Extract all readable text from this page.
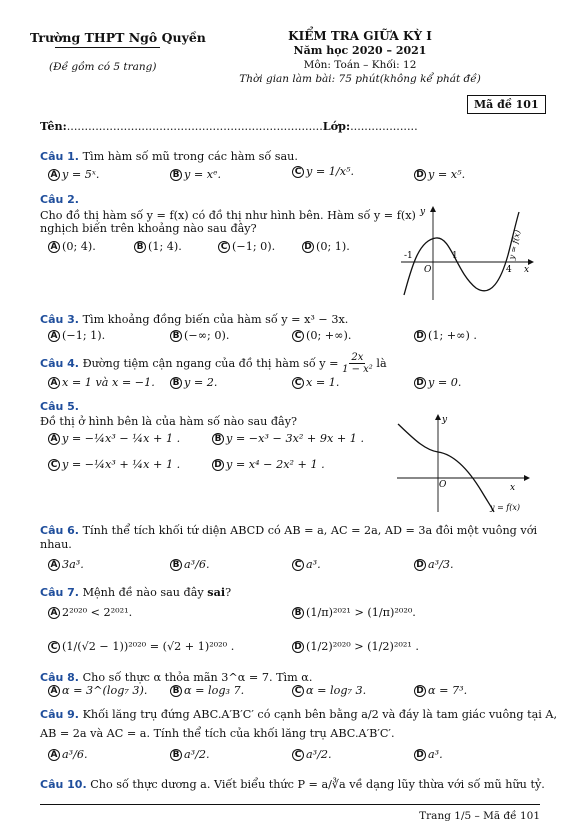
Trường THPT Ngô Quyền
(Đề gồm có 5 trang)
KIỂM TRA GIỮA KỲ I
Năm học 2020 – 2021
Môn: Toán – Khối: 12
Thời gian làm bài: 75 phút(không kể phát đề)
Mã đề 101
Tên:........................................................................Lớp:...................
Câu 1. Tìm hàm số mũ trong các hàm số sau.
A y = 5ˣ.	B y = xᵉ.	C y = 1/x⁵.	D y = x⁵.
Câu 2.
Cho đồ thị hàm số y = f(x) có đồ thị như hình bên. Hàm số y = f(x)
nghịch biến trên khoảng nào sau đây?
A (0; 4).	B (1; 4).	C (−1; 0).	D (0; 1).
y
x
O
-1	1
4
y = f(x)
Câu 3. Tìm khoảng đồng biến của hàm số y = x³ − 3x.
A (−1; 1).	B (−∞; 0).	C (0; +∞).	D (1; +∞) .
Câu 4.
Đường tiệm cận ngang của đồ thị hàm số y =
$\frac{2x}{\text{1 − x²}}$
là
A x = 1 và x = −1. B y = 2.	C x = 1.	D y = 0.
Câu 5.
Đồ thị ở hình bên là của hàm số nào sau đây?
A y = −¼x³ − ¼x + 1 .	B y = −x³ − 3x² + 9x + 1 .
C y = −¼x³ + ¼x + 1 .	D y = x⁴ − 2x² + 1 .
y
x
O
y = f(x)
Câu 6. Tính thể tích khối tứ diện ABCD có AB = a, AC = 2a, AD = 3a đôi một vuông với
nhau.
A 3a³.	B a³/6.	C a³.	D a³/3.
Câu 7. Mệnh đề nào sau đây sai?
A 2²⁰²⁰ < 2²⁰²¹.	B (1/π)²⁰²¹ > (1/π)²⁰²⁰.
C (1/(√2 − 1))²⁰²⁰ = (√2 + 1)²⁰²⁰ .	D (1/2)²⁰²⁰ > (1/2)²⁰²¹ .
Câu 8. Cho số thực α thỏa mãn 3^α = 7. Tìm α.
A α = 3^(log₇ 3).	B α = log₃ 7.	C α = log₇ 3.	D α = 7³.
Câu 9. Khối lăng trụ đứng ABC.A′B′C′ có cạnh bên bằng a/2 và đáy là tam giác vuông tại A,
AB = 2a và AC = a. Tính thể tích của khối lăng trụ ABC.A′B′C′.
A a³/6.	B a³/2.	C a³/2.	D a³.
Câu 10. Cho số thực dương a. Viết biểu thức P = a/∛a về dạng lũy thừa với số mũ hữu tỷ.
Trang 1/5 – Mã đề 101
